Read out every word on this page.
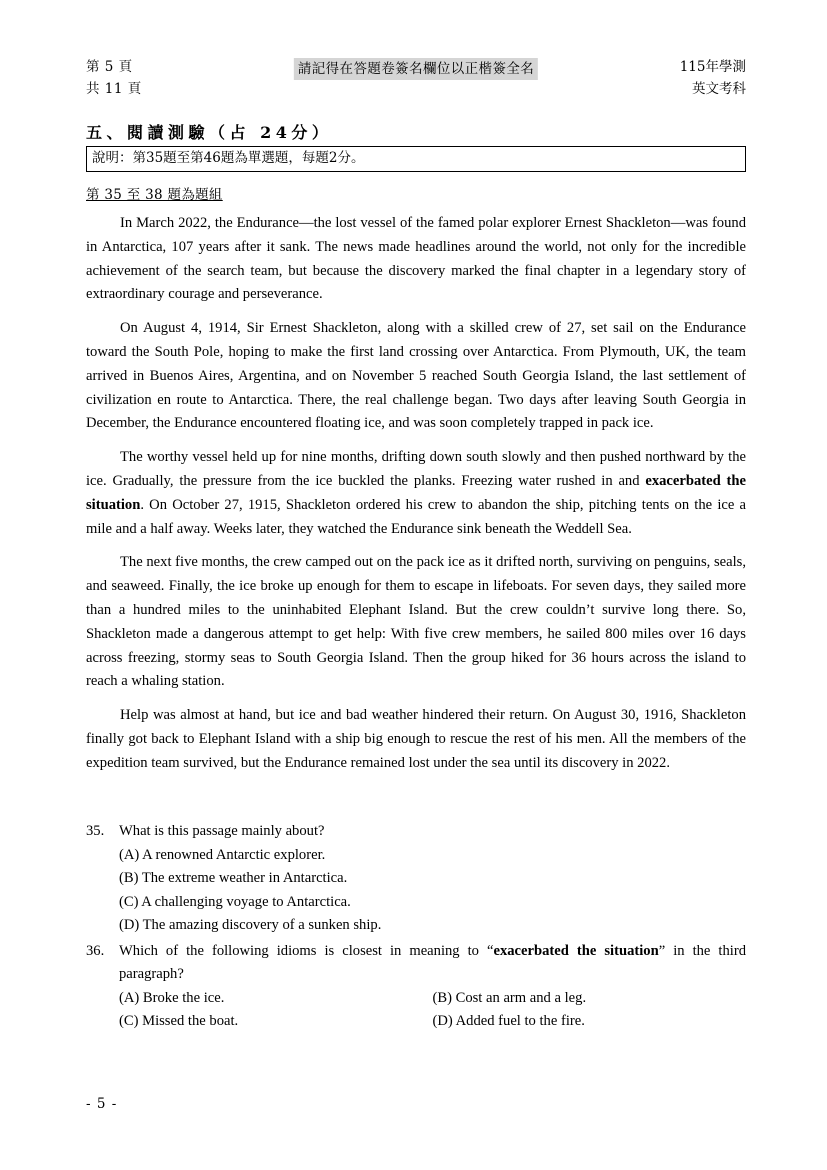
第 5 頁
共 11 頁
請記得在答題卷簽名欄位以正楷簽全名	115年學測
英文考科
五、閱讀測驗（占 24分）
說明：第35題至第46題為單選題，每題2分。
第 35 至 38 題為題組

In March 2022, the Endurance—the lost vessel of the famed polar explorer Ernest Shackleton—was found in Antarctica, 107 years after it sank. The news made headlines around the world, not only for the incredible achievement of the search team, but because the discovery marked the final chapter in a legendary story of extraordinary courage and perseverance.

On August 4, 1914, Sir Ernest Shackleton, along with a skilled crew of 27, set sail on the Endurance toward the South Pole, hoping to make the first land crossing over Antarctica. From Plymouth, UK, the team arrived in Buenos Aires, Argentina, and on November 5 reached South Georgia Island, the last settlement of civilization en route to Antarctica. There, the real challenge began. Two days after leaving South Georgia in December, the Endurance encountered floating ice, and was soon completely trapped in pack ice.

The worthy vessel held up for nine months, drifting down south slowly and then pushed northward by the ice. Gradually, the pressure from the ice buckled the planks. Freezing water rushed in and exacerbated the situation. On October 27, 1915, Shackleton ordered his crew to abandon the ship, pitching tents on the ice a mile and a half away. Weeks later, they watched the Endurance sink beneath the Weddell Sea.

The next five months, the crew camped out on the pack ice as it drifted north, surviving on penguins, seals, and seaweed. Finally, the ice broke up enough for them to escape in lifeboats. For seven days, they sailed more than a hundred miles to the uninhabited Elephant Island. But the crew couldn’t survive long there. So, Shackleton made a dangerous attempt to get help: With five crew members, he sailed 800 miles over 16 days across freezing, stormy seas to South Georgia Island. Then the group hiked for 36 hours across the island to reach a whaling station.

Help was almost at hand, but ice and bad weather hindered their return. On August 30, 1916, Shackleton finally got back to Elephant Island with a ship big enough to rescue the rest of his men. All the members of the expedition team survived, but the Endurance remained lost under the sea until its discovery in 2022.

35.	What is this passage mainly about?
(A) A renowned Antarctic explorer.
(B) The extreme weather in Antarctica.
(C) A challenging voyage to Antarctica.
(D) The amazing discovery of a sunken ship.
36.	Which of the following idioms is closest in meaning to “exacerbated the situation” in the third paragraph?
(A) Broke the ice.	(B) Cost an arm and a leg.
(C) Missed the boat.	(D) Added fuel to the fire.
- 5 -
